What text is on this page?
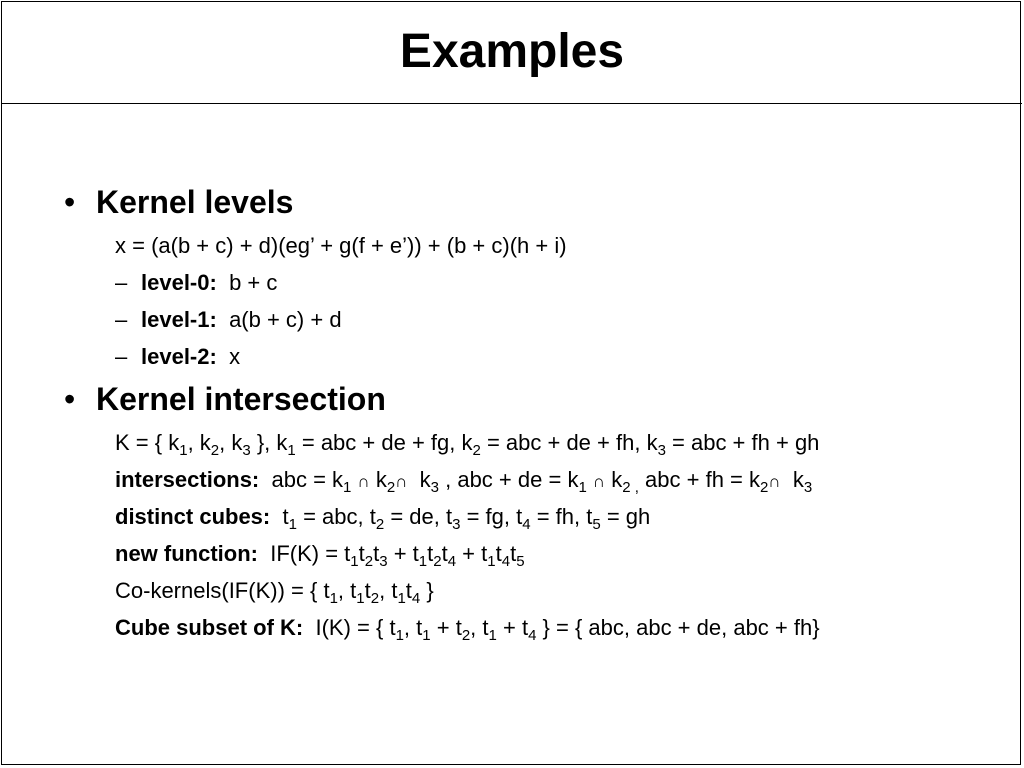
Examples
• Kernel levels
x = (a(b + c) + d)(eg’ + g(f + e’)) + (b + c)(h + i)
– level-0: b + c
– level-1: a(b + c) + d
– level-2: x
• Kernel intersection
K = { $k_1$, $k_2$, $k_3$ }, $k_1$ = abc + de + fg, $k_2$ = abc + de + fh, $k_3$ = abc + fh + gh
intersections:  abc = $k_1$ ∩ $k_2\cap$ $k_3$ , abc + de = $k_1$ ∩ $k_2$ $_,$ abc + fh = $k_2\cap$ $k_3$
distinct cubes: $t_1$ = abc, $t_2$ = de, $t_3$ = fg, $t_4$ = fh, $t_5$ = gh
new function:  $IF(K) = t_1t_2t_3 + t_1t_2t_4 + t_1t_4t_5$
Co-kernels(IF(K)) = { $t_1$, $t_1t_2$, $t_1t_4$ }
Cube subset of K:  I(K) = { $t_1$, $t_1 + t_2$, $t_1 + t_4$ } = { abc, abc + de, abc + fh}
